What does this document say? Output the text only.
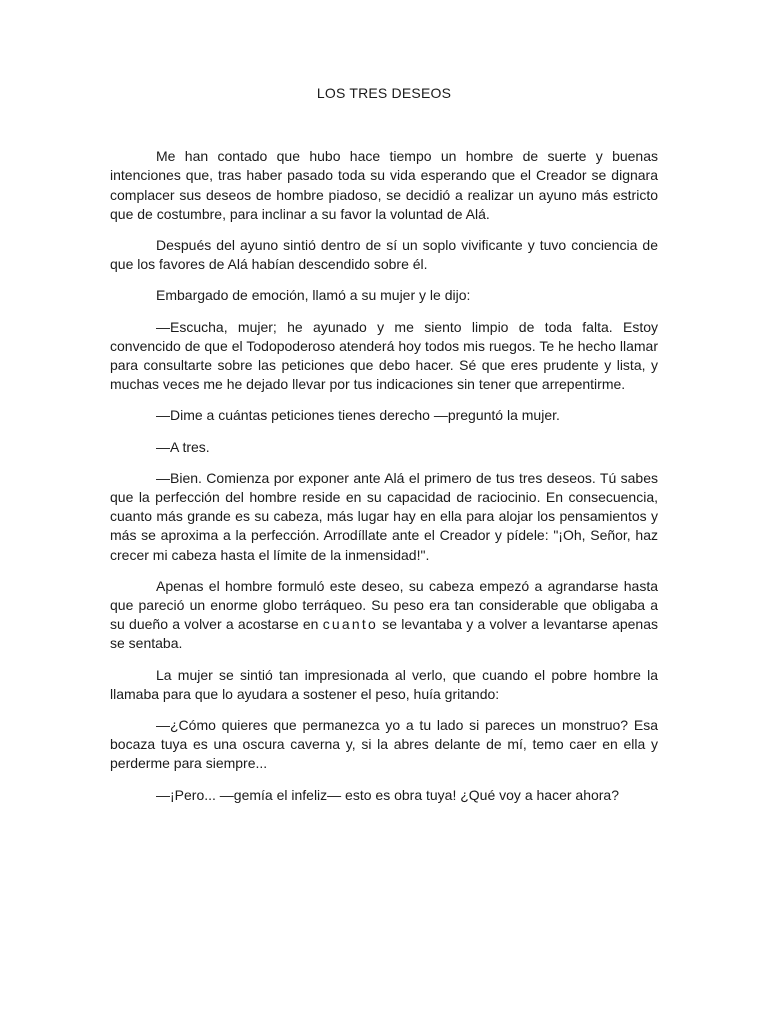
LOS TRES DESEOS

Me han contado que hubo hace tiempo un hombre de suerte y buenas intenciones que, tras haber pasado toda su vida esperando que el Creador se dignara complacer sus deseos de hombre piadoso, se decidió a realizar un ayuno más estricto que de costumbre, para inclinar a su favor la voluntad de Alá.

Después del ayuno sintió dentro de sí un soplo vivificante y tuvo conciencia de que los favores de Alá habían descendido sobre él.

Embargado de emoción, llamó a su mujer y le dijo:

—Escucha, mujer; he ayunado y me siento limpio de toda falta. Estoy convencido de que el Todopoderoso atenderá hoy todos mis ruegos. Te he hecho llamar para consultarte sobre las peticiones que debo hacer. Sé que eres prudente y lista, y muchas veces me he dejado llevar por tus indicaciones sin tener que arrepentirme.

—Dime a cuántas peticiones tienes derecho —preguntó la mujer.

—A tres.

—Bien. Comienza por exponer ante Alá el primero de tus tres deseos. Tú sabes que la perfección del hombre reside en su capacidad de raciocinio. En consecuencia, cuanto más grande es su cabeza, más lugar hay en ella para alojar los pensamientos y más se aproxima a la perfección. Arrodíllate ante el Creador y pídele: "¡Oh, Señor, haz crecer mi cabeza hasta el límite de la inmensidad!".

Apenas el hombre formuló este deseo, su cabeza empezó a agrandarse hasta que pareció un enorme globo terráqueo. Su peso era tan considerable que obligaba a su dueño a volver a acostarse en cuanto se levantaba y a volver a levantarse apenas se sentaba.

La mujer se sintió tan impresionada al verlo, que cuando el pobre hombre la llamaba para que lo ayudara a sostener el peso, huía gritando:

—¿Cómo quieres que permanezca yo a tu lado si pareces un monstruo? Esa bocaza tuya es una oscura caverna y, si la abres delante de mí, temo caer en ella y perderme para siempre...

—¡Pero... —gemía el infeliz— esto es obra tuya! ¿Qué voy a hacer ahora?
